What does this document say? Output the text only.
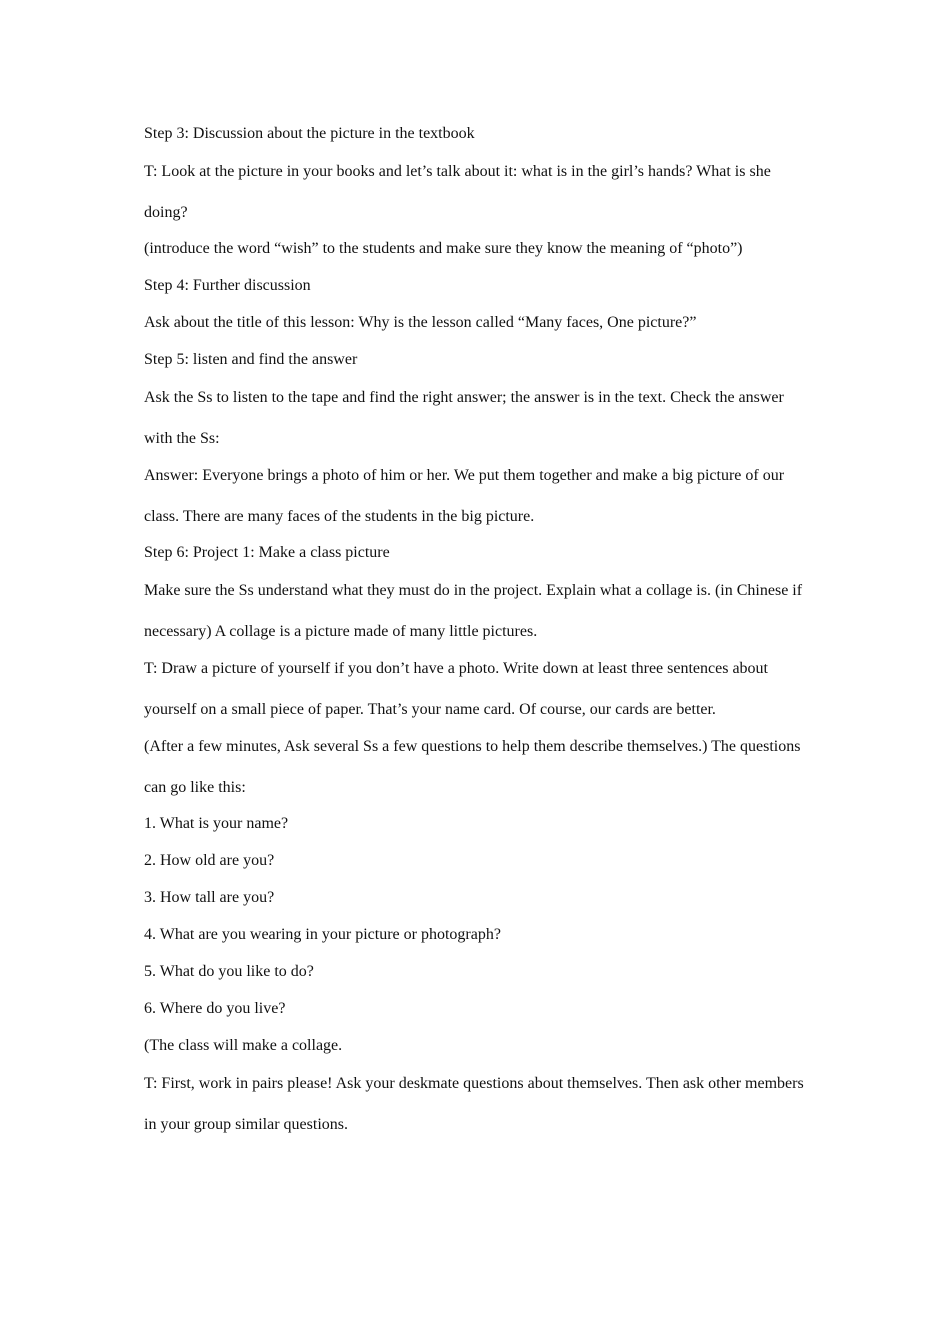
Step 3: Discussion about the picture in the textbook

T: Look at the picture in your books and let’s talk about it: what is in the girl’s hands? What is she doing?

(introduce the word “wish” to the students and make sure they know the meaning of “photo”)

Step 4: Further discussion

Ask about the title of this lesson: Why is the lesson called “Many faces, One picture?”

Step 5: listen and find the answer

Ask the Ss to listen to the tape and find the right answer; the answer is in the text. Check the answer with the Ss:

Answer: Everyone brings a photo of him or her. We put them together and make a big picture of our class. There are many faces of the students in the big picture.

Step 6: Project 1: Make a class picture

Make sure the Ss understand what they must do in the project. Explain what a collage is. (in Chinese if necessary) A collage is a picture made of many little pictures.

T: Draw a picture of yourself if you don’t have a photo. Write down at least three sentences about yourself on a small piece of paper. That’s your name card. Of course, our cards are better.

(After a few minutes, Ask several Ss a few questions to help them describe themselves.) The questions can go like this:

1. What is your name?

2. How old are you?

3. How tall are you?

4. What are you wearing in your picture or photograph?

5. What do you like to do?

6. Where do you live?

(The class will make a collage.

T: First, work in pairs please! Ask your deskmate questions about themselves. Then ask other members in your group similar questions.
